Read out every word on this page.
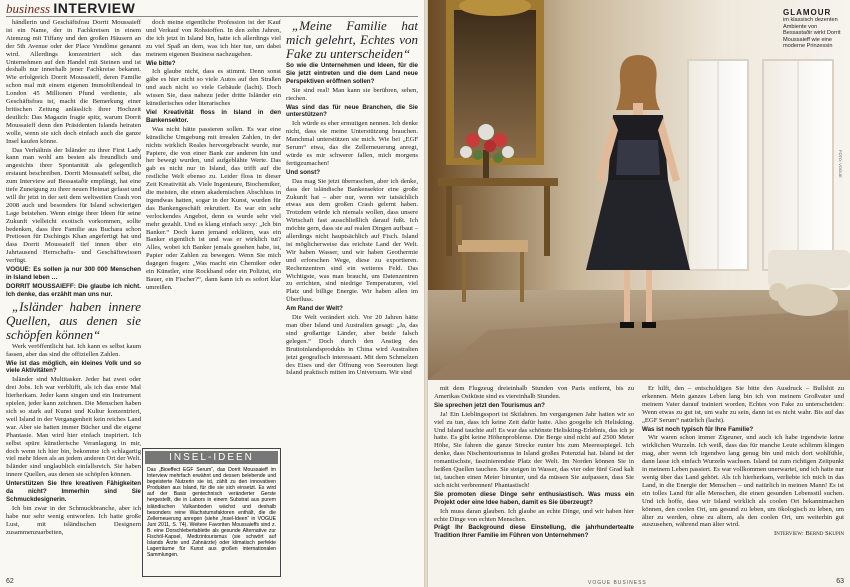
business INTERVIEW

händlerin und Geschäftsfrau Dorrit Moussaieff ist ein Name, der in Fachkreisen in einem Atemzug mit Tiffany und den großen Häusern an der 5th Avenue oder der Place Vendôme genannt wird. Allerdings konzentriert sich das Unternehmen auf den Handel mit Steinen und ist deshalb nur innerhalb jener Fachkreise bekannt. Wie erfolgreich Dorrit Moussaieff, deren Familie schon mal mit einem eigenen Immobiliendeal in London 45 Millionen Pfund verdiente, als Geschäftsfrau ist, macht die Bemerkung einer britischen Zeitung anlässlich ihrer Hochzeit deutlich: Das Magazin fragte spitz, warum Dorrit Moussaieff denn den Präsidenten Islands heiraten wolle, wenn sie sich doch einfach auch die ganze Insel kaufen könne.

Das Verhältnis der Isländer zu ihrer First Lady kann man wohl am besten als freundlich und angesichts ihrer Spontanität als gelegentlich erstaunt beschreiben. Dorrit Moussaieff selbst, die zum Interview auf Bessastaðir empfängt, hat eine tiefe Zuneigung zu ihrer neuen Heimat gefasst und will ihr jetzt in der seit dem weltweiten Crash von 2008 auch und besonders für Island schwierigen Lage beistehen. Wenn einige ihrer Ideen für seine Zukunft vielleicht exotisch vorkommen, sollte bedenken, dass ihre Familie aus Buchara schon Pretiosen für Dschingis Khan angefertigt hat und dass Dorrit Moussaieff tief innen über ein Jahrtausend Herrschafts- und Geschäftswissen verfügt.

VOGUE: Es sollen ja nur 300 000 Menschen in Island leben …

DORRIT MOUSSAIEFF: Die glaube ich nicht. Ich denke, das erzählt man uns nur.

„Isländer haben innere Quellen, aus denen sie schöpfen können“

Werk veröffentlicht hat. Ich kann es selbst kaum fassen, aber das sind die offiziellen Zahlen.

Wie ist das möglich, ein kleines Volk und so viele Aktivitäten?

Isländer sind Multitasker. Jeder hat zwei oder drei Jobs. Ich war verblüfft, als ich das erste Mal hierherkam. Jeder kann singen und ein Instrument spielen, jeder kann zeichnen. Die Menschen haben sich so stark auf Kunst und Kultur konzentriert, weil Island in der Vergangenheit kein reiches Land war. Aber sie hatten immer Bücher und die eigene Phantasie. Man wird hier einfach inspiriert. Ich selbst spüre künstlerische Veranlagung in mir, doch wenn ich hier bin, bekomme ich schlagartig viel mehr Ideen als an jedem anderen Ort der Welt. Isländer sind unglaublich einfallsreich. Sie haben innere Quellen, aus denen sie schöpfen können.

Unterstützen Sie Ihre kreativen Fähigkeiten da nicht? Immerhin sind Sie Schmuckdesignerin.

Ich bin zwar in der Schmuckbranche, aber ich habe nur sehr wenig entworfen. Ich hatte große Lust, mit isländischen Designern zusammenzuarbeiten,

doch meine eigentliche Profession ist der Kauf und Verkauf von Rohstoffen. In den zehn Jahren, die ich jetzt in Island bin, hatte ich allerdings viel zu viel Spaß an dem, was ich hier tue, um dabei meinem eigenen Business nachzugehen.

Wie bitte?

Ich glaube nicht, dass es stimmt. Denn sonst gäbe es hier nicht so viele Autos auf den Straßen und auch nicht so viele Gebäude (lacht). Doch wissen Sie, dass nahezu jeder dritte Isländer ein künstlerisches oder literarisches

Viel Kreativität floss in Island in den Bankensektor.

Was nicht hätte passieren sollen. Es war eine künstliche Umgebung mit irrealen Zahlen, in der nichts wirklich Reales hervorgebracht wurde, nur Papiere, die von einer Bank zur anderen hin und her bewegt wurden, und aufgeblähte Werte. Das gab es nicht nur in Island, das trifft auf die restliche Welt ebenso zu. Leider floss in dieser Zeit Kreativität ab. Viele Ingenieure, Biochemiker, die meisten, die einen akademischen Abschluss in irgendwas hatten, sogar in der Kunst, wurden für das Bankengeschäft rekrutiert. Es war ein sehr verlockendes Angebot, denn es wurde sehr viel mehr gezahlt. Und es klang einfach sexy: „Ich bin Banker.“ Doch kann jemand erklären, was ein Banker eigentlich ist und was er wirklich tut? Alles, wobei ich Banker jemals gesehen habe, ist, Papier oder Zahlen zu bewegen. Wenn Sie mich dagegen fragen: „Was macht ein Chemiker oder ein Künstler, eine Rockband oder ein Polizist, ein Bauer, ein Fischer?“, dann kann ich es sofort klar umreißen.

„Meine Familie hat mich gelehrt, Echtes von Fake zu unterscheiden“

So wie die Unternehmen und Ideen, für die Sie jetzt eintreten und die dem Land neue Perspektiven eröffnen sollen?

Sie sind real! Man kann sie berühren, sehen, riechen.

Was sind das für neue Branchen, die Sie unterstützen?

Ich würde es eher ermutigen nennen. Ich denke nicht, dass sie meine Unterstützung brauchen. Manchmal unterstützen sie mich. Wie bei „EGF Serum“ etwa, das die Zellerneuerung anregt, würde es mir schwerer fallen, mich morgens fertigzumachen!

Und sonst?

Das mag Sie jetzt überraschen, aber ich denke, dass der isländische Bankensektor eine große Zukunft hat – aber nur, wenn wir tatsächlich etwas aus dem großen Crash gelernt haben. Trotzdem würde ich niemals wollen, dass unsere Wirtschaft fast ausschließlich darauf fußt. Ich möchte gern, dass sie auf realen Dingen aufbaut – allerdings nicht hauptsächlich auf Fisch. Island ist möglicherweise das reichste Land der Welt. Wir haben Wasser, und wir haben Geothermie und erforschen Wege, diese zu exportieren. Rechenzentren sind ein weiteres Feld. Das Wichtigste, was man braucht, um Datenzentren zu errichten, sind niedrige Temperaturen, viel Platz und billige Energie. Wir haben allen im Überfluss.

Am Rand der Welt?

Die Welt verändert sich. Vor 20 Jahren hätte man über Island und Australien gesagt: „Ja, das sind großartige Länder, aber beide falsch gelegen.“ Doch durch den Anstieg des Bruttoinlandsprodukts in China wird Australien jetzt geografisch interessant. Mit dem Schmelzen des Eises und der Öffnung von Seerouten liegt Island praktisch mitten im Universum. Wir sind

INSEL-IDEEN
Das „Bioeffect EGF Serum“, das Dorrit Moussaieff im Interview mehrfach erwähnt und dessen belebende und begeisterte Nutzerin sie ist, zählt zu den innovativen Produkten aus Island, für die sie sich einsetzt. Es wird auf der Basis gentechnisch veränderter Gerste hergestellt, die in Labors in einem Substrat aus purem isländischen Vulkanboden wächst und deshalb besonders reine Wachstumsfaktoren enthält, die die Zellerneuerung anregen (siehe „Insel-Ideen“ in VOGUE Juni 2011, S. 74). Weitere Favoriten Moussaieffs sind z. B. eine Dorschlebertablette als gesunde Alternative zur Fischöl-Kapsel, Medizintourismus (sie schwört auf Islands Ärzte und Zahnärzte) oder klimatisch perfekte Lagerräume für Kunst aus großen internationalen Sammlungen.
62
GLAMOUR
im klassisch dezenten Ambiente von Bessastaðir wirkt Dorrit Moussaieff wie eine moderne Prinzessin
FOTO: VOGUE

mit dem Flugzeug dreieinhalb Stunden von Paris entfernt, bis zu Amerikas Ostküste sind es viereinhalb Stunden.

Sie sprechen jetzt den Tourismus an?

Ja! Ein Lieblingssport ist Skifahren. Im vergangenen Jahr hatten wir so viel zu tun, dass ich keine Zeit dafür hatte. Also googelte ich Heliskiing. Und Island tauchte auf! Es war das schönste Heliskiing-Erlebnis, das ich je hatte. Es gibt keine Höhenprobleme. Die Berge sind nicht auf 2500 Meter Höhe, Sie fahren die ganze Strecke runter bis zum Meeresspiegel. Ich denke, dass Nischentourismus in Island großes Potenzial hat. Island ist der romantischste, faszinierendste Platz der Welt. Im Norden können Sie in heißen Quellen tauchen. Sie steigen in Wasser, das vier oder fünf Grad kalt ist, tauchen einen Meter hinunter, und da müssen Sie aufpassen, dass Sie sich nicht verbrennen! Phantastisch!

Sie promoten diese Dinge sehr enthusiastisch. Was muss ein Projekt oder eine Idee haben, damit es Sie überzeugt?

Ich muss daran glauben. Ich glaube an echte Dinge, und wir haben hier echte Dinge von echten Menschen.

Prägt Ihr Background diese Einstellung, die jahrhundertealte Tradition Ihrer Familie im Führen von Unternehmen?

Er hilft, den – entschuldigen Sie bitte den Ausdruck – Bullshit zu erkennen. Mein ganzes Leben lang bin ich von meinem Großvater und meinem Vater darauf trainiert worden, Echtes von Fake zu unterscheiden: Wenn etwas zu gut ist, um wahr zu sein, dann ist es nicht wahr. Bis auf das „EGF Serum“ natürlich (lacht).

Was ist noch typisch für Ihre Familie?

Wir waren schon immer Zigeuner, und auch ich habe irgendwie keine wirklichen Wurzeln. Ich weiß, dass das für manche Leute schlimm klingen mag, aber wenn ich irgendwo lang genug bin und mich dort wohlfühle, dann lasse ich einfach Wurzeln wachsen. Island ist zum richtigen Zeitpunkt in meinem Leben passiert. Es war vollkommen unerwartet, und ich hatte nur wenig über das Land gehört. Als ich hierherkam, verliebte ich mich in das Land, in die Energie der Menschen – und natürlich in meinen Mann! Es ist ein tolles Land für alle Menschen, die einen gesunden Lebensstil suchen. Und ich hoffe, dass wir Island wirklich als coolen Ort bekanntmachen können, den coolen Ort, um gesund zu leben, um ökologisch zu leben, um älter zu werden, ohne zu altern, als den coolen Ort, um weiterhin gut auszusehen, während man älter wird.

Interview: Bernd Skupin

VOGUE BUSINESS	63
